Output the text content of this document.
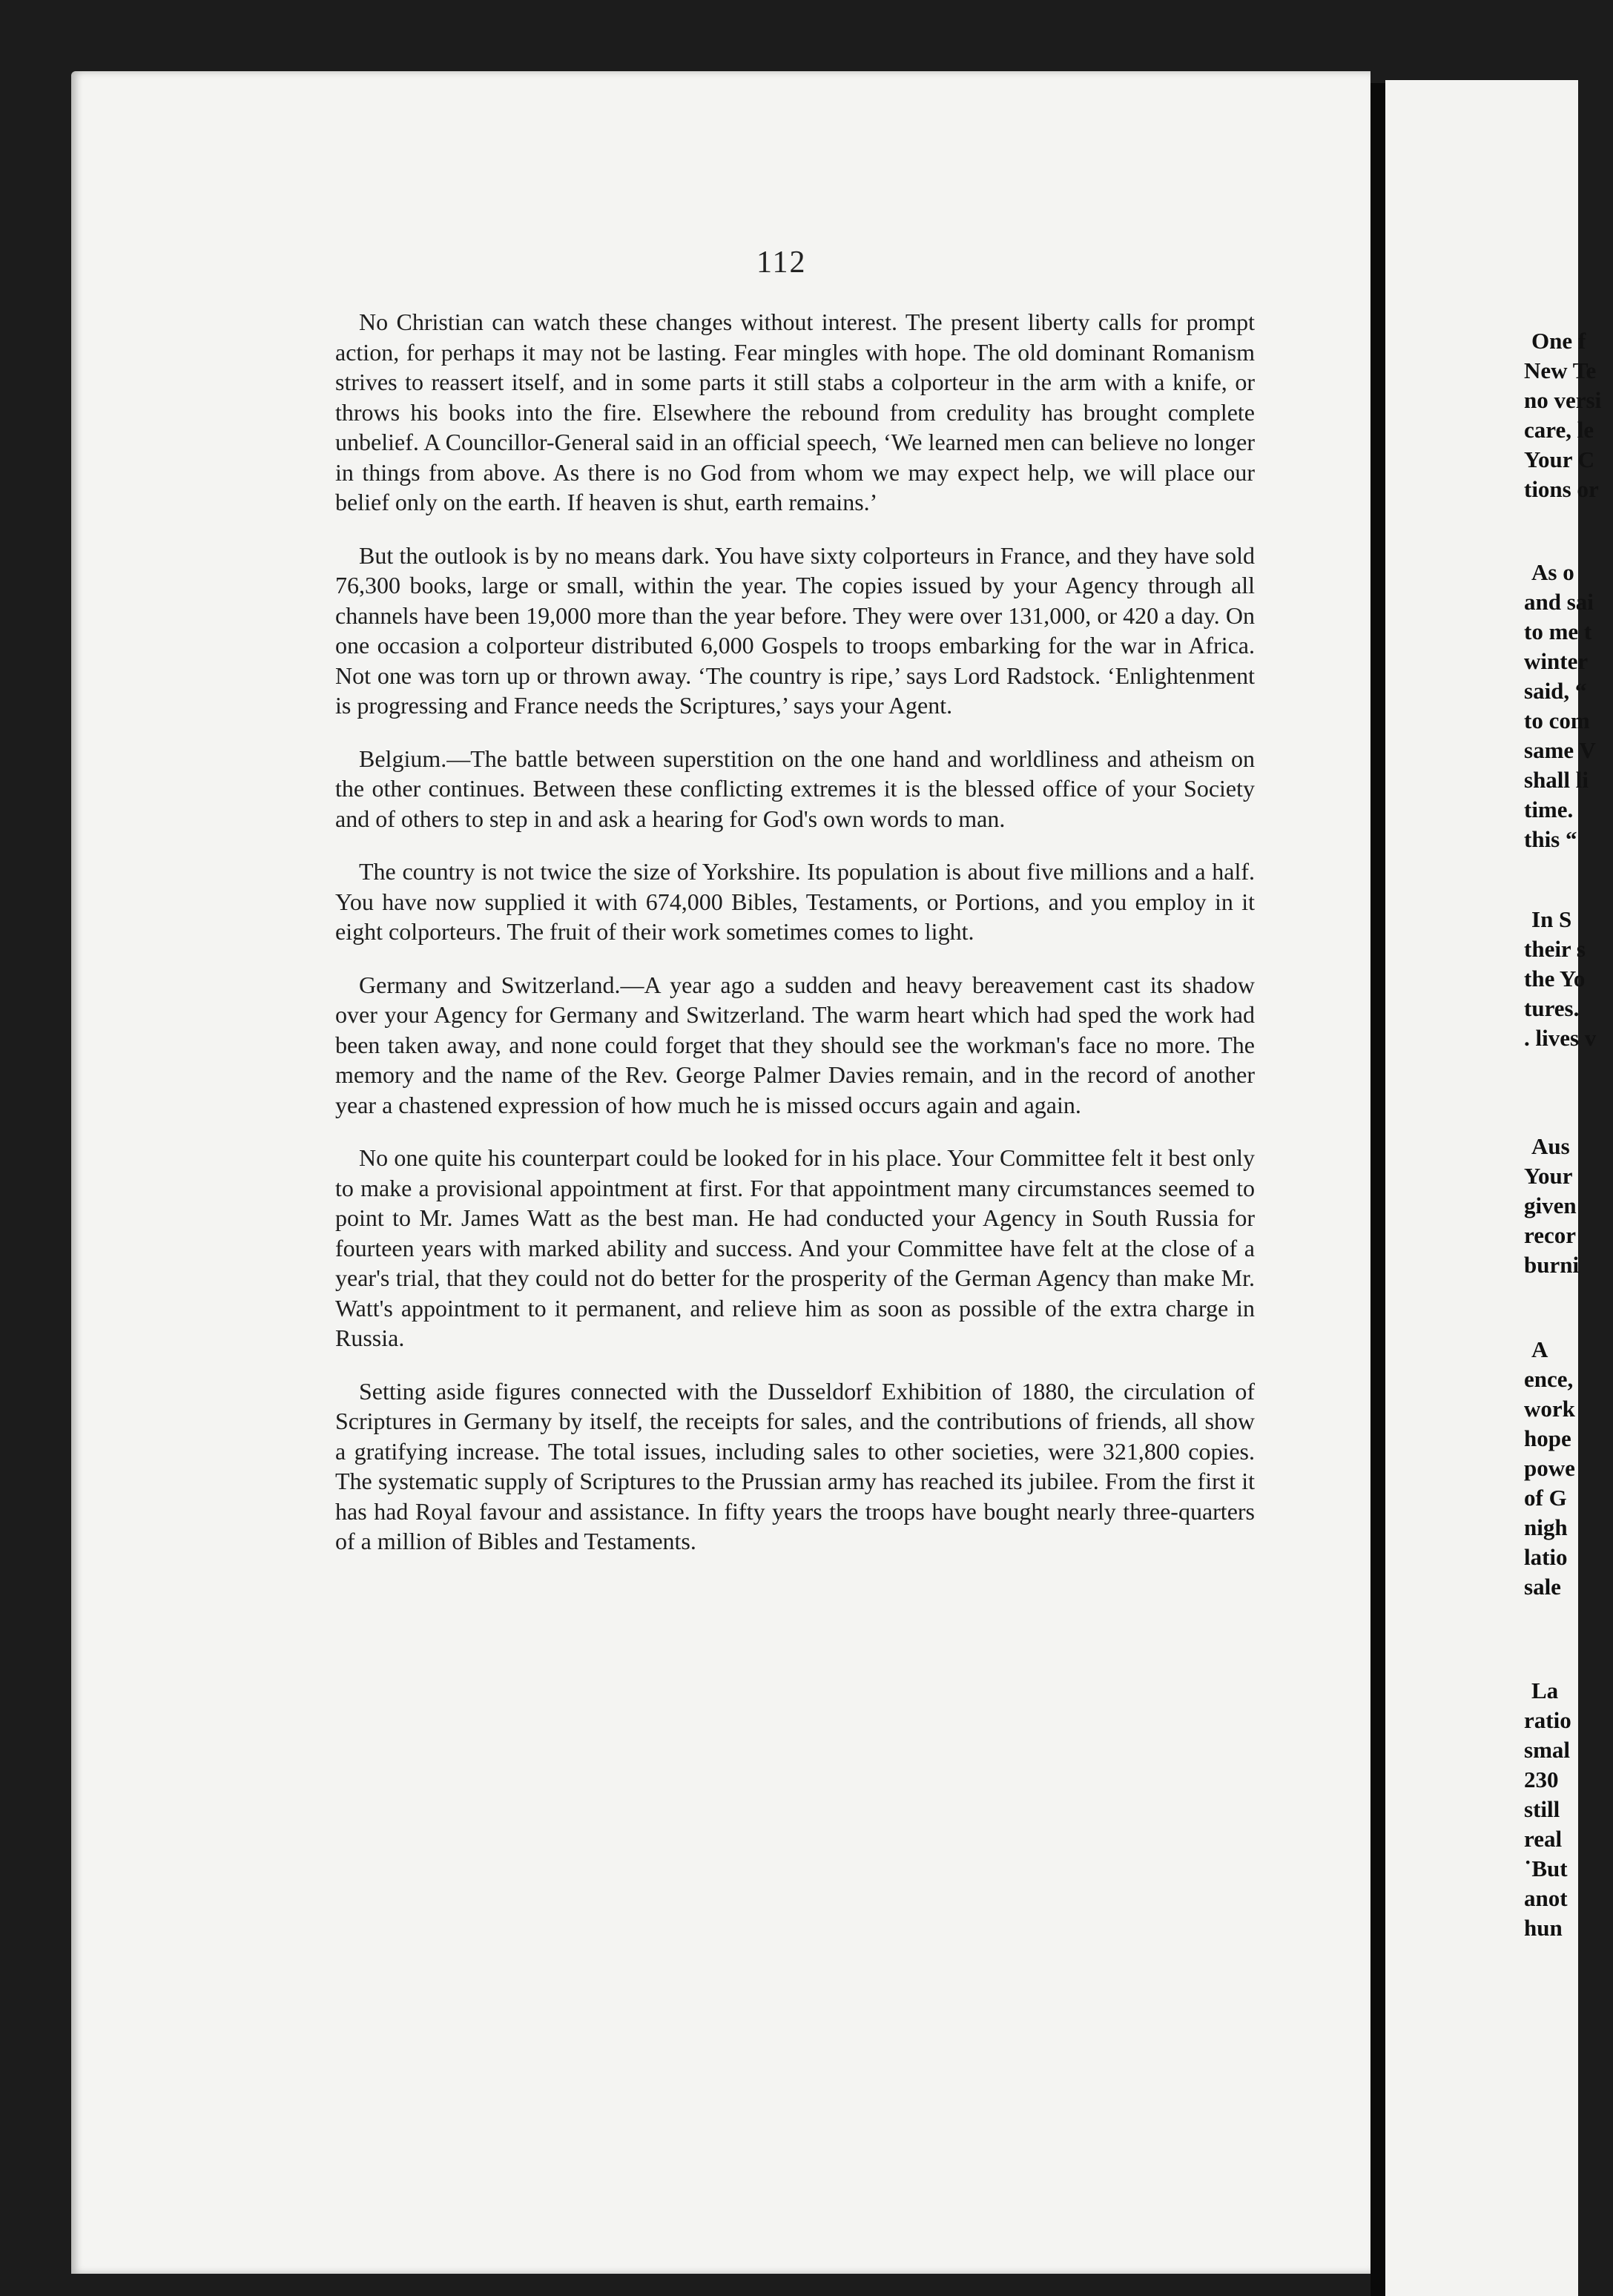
112

No Christian can watch these changes without interest. The present liberty calls for prompt action, for perhaps it may not be lasting. Fear mingles with hope. The old dominant Romanism strives to reassert itself, and in some parts it still stabs a colporteur in the arm with a knife, or throws his books into the fire. Elsewhere the rebound from credulity has brought complete unbelief. A Councillor-General said in an official speech, ‘We learned men can believe no longer in things from above. As there is no God from whom we may expect help, we will place our belief only on the earth. If heaven is shut, earth remains.’

But the outlook is by no means dark. You have sixty colporteurs in France, and they have sold 76,300 books, large or small, within the year. The copies issued by your Agency through all channels have been 19,000 more than the year before. They were over 131,000, or 420 a day. On one occasion a colporteur distributed 6,000 Gospels to troops embarking for the war in Africa. Not one was torn up or thrown away. ‘The country is ripe,’ says Lord Radstock. ‘Enlightenment is progressing and France needs the Scriptures,’ says your Agent.

Belgium.—The battle between superstition on the one hand and worldliness and atheism on the other continues. Between these conflicting extremes it is the blessed office of your Society and of others to step in and ask a hearing for God's own words to man.

The country is not twice the size of Yorkshire. Its population is about five millions and a half. You have now supplied it with 674,000 Bibles, Testaments, or Portions, and you employ in it eight colporteurs. The fruit of their work sometimes comes to light.

Germany and Switzerland.—A year ago a sudden and heavy bereavement cast its shadow over your Agency for Germany and Switzerland. The warm heart which had sped the work had been taken away, and none could forget that they should see the workman's face no more. The memory and the name of the Rev. George Palmer Davies remain, and in the record of another year a chastened expression of how much he is missed occurs again and again.

No one quite his counterpart could be looked for in his place. Your Committee felt it best only to make a provisional appointment at first. For that appointment many circumstances seemed to point to Mr. James Watt as the best man. He had conducted your Agency in South Russia for fourteen years with marked ability and success. And your Committee have felt at the close of a year's trial, that they could not do better for the prosperity of the German Agency than make Mr. Watt's appointment to it permanent, and relieve him as soon as possible of the extra charge in Russia.

Setting aside figures connected with the Dusseldorf Exhibition of 1880, the circulation of Scriptures in Germany by itself, the receipts for sales, and the contributions of friends, all show a gratifying increase. The total issues, including sales to other societies, were 321,800 copies. The systematic supply of Scriptures to the Prussian army has reached its jubilee. From the first it has had Royal favour and assistance. In fifty years the troops have bought nearly three-quarters of a million of Bibles and Testaments.

One f
New Te
no versi
care, le
Your C
tions or
As o
and sai
to me t
winter
said, “
to com
same V
shall li
time.
this “
In S
their s
the Yo
tures.
. lives v
Aus
Your
given
recor
burni
A
ence,
work
hope
powe
of G
nigh
latio
sale
La
ratio
smal
230
still
real
˙But
anot
hun
